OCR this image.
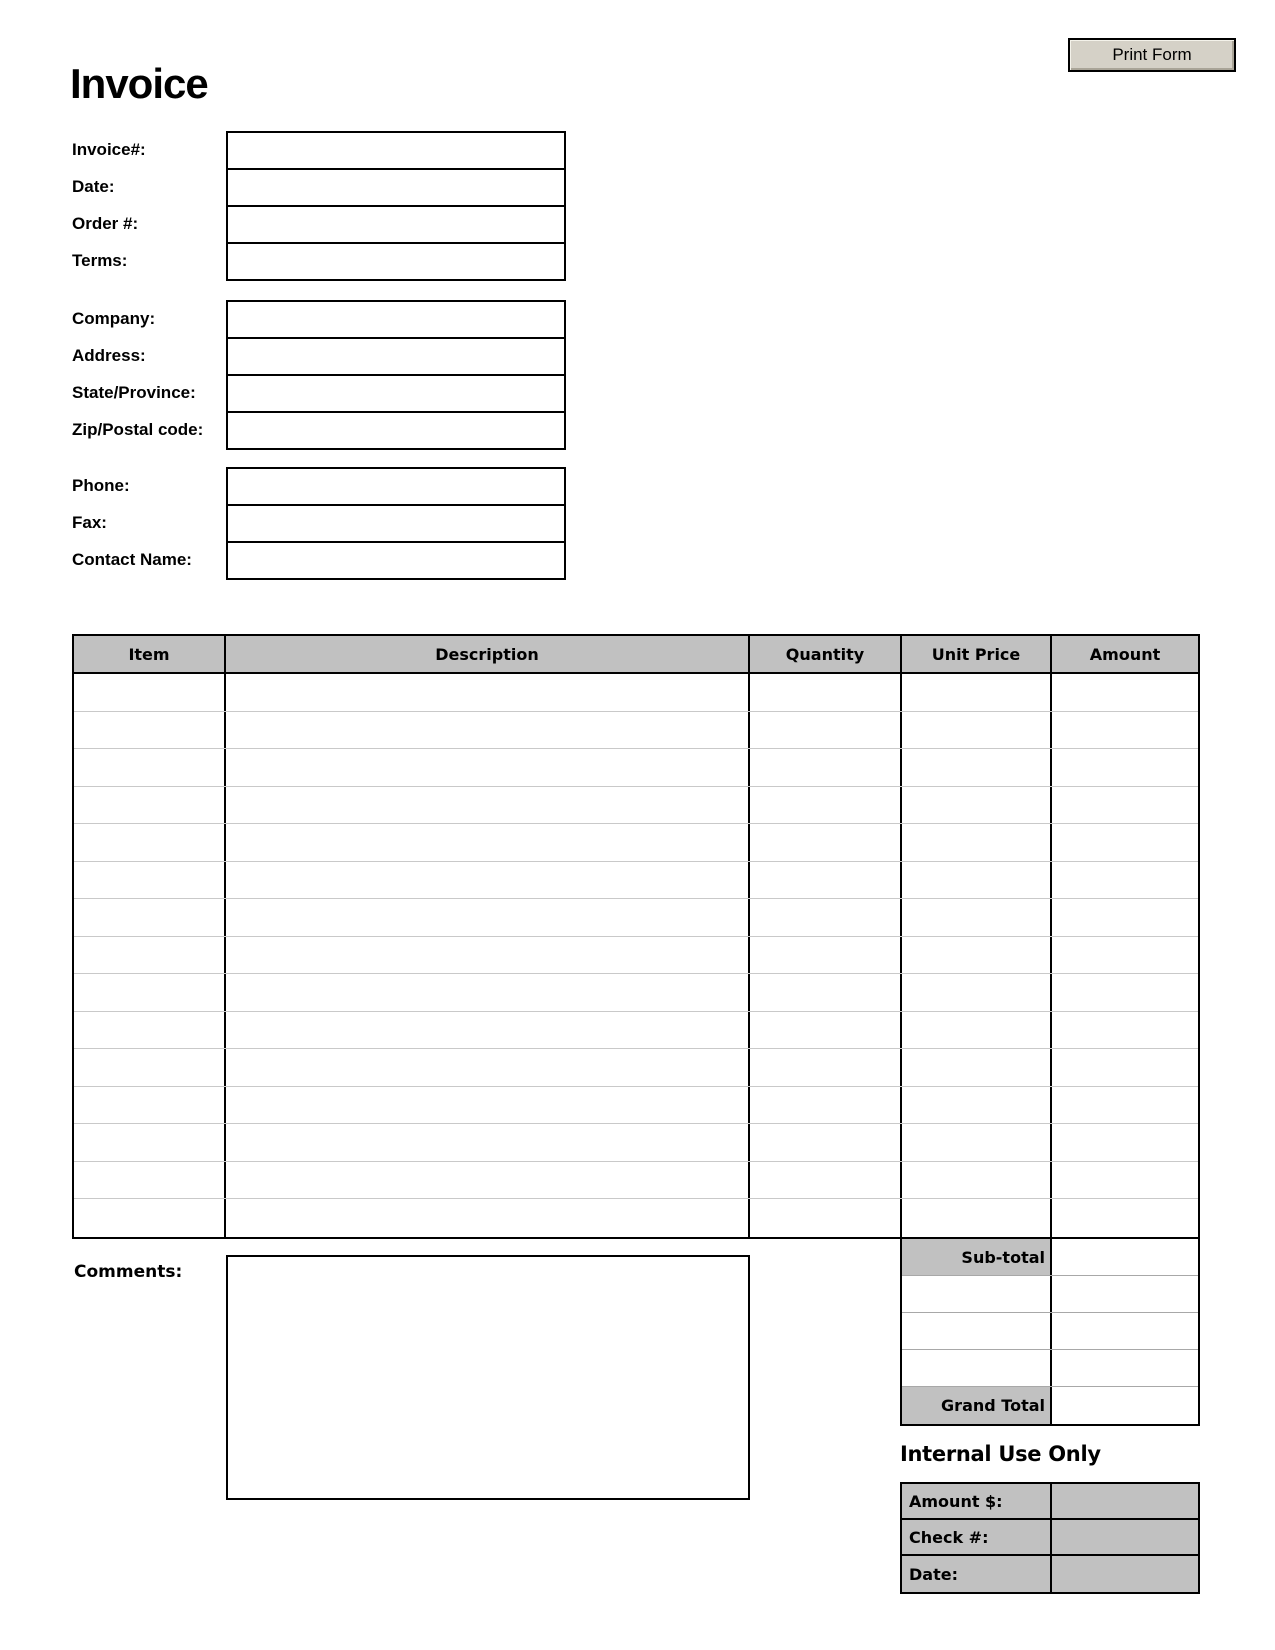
Print Form
Invoice
Invoice#:
Date:
Order #:
Terms:
Company:
Address:
State/Province:
Zip/Postal code:
Phone:
Fax:
Contact Name:
Item	Description	Quantity	Unit Price	Amount
Comments:
Sub-total
Grand Total
Internal Use Only
Amount $:
Check #:
Date:
